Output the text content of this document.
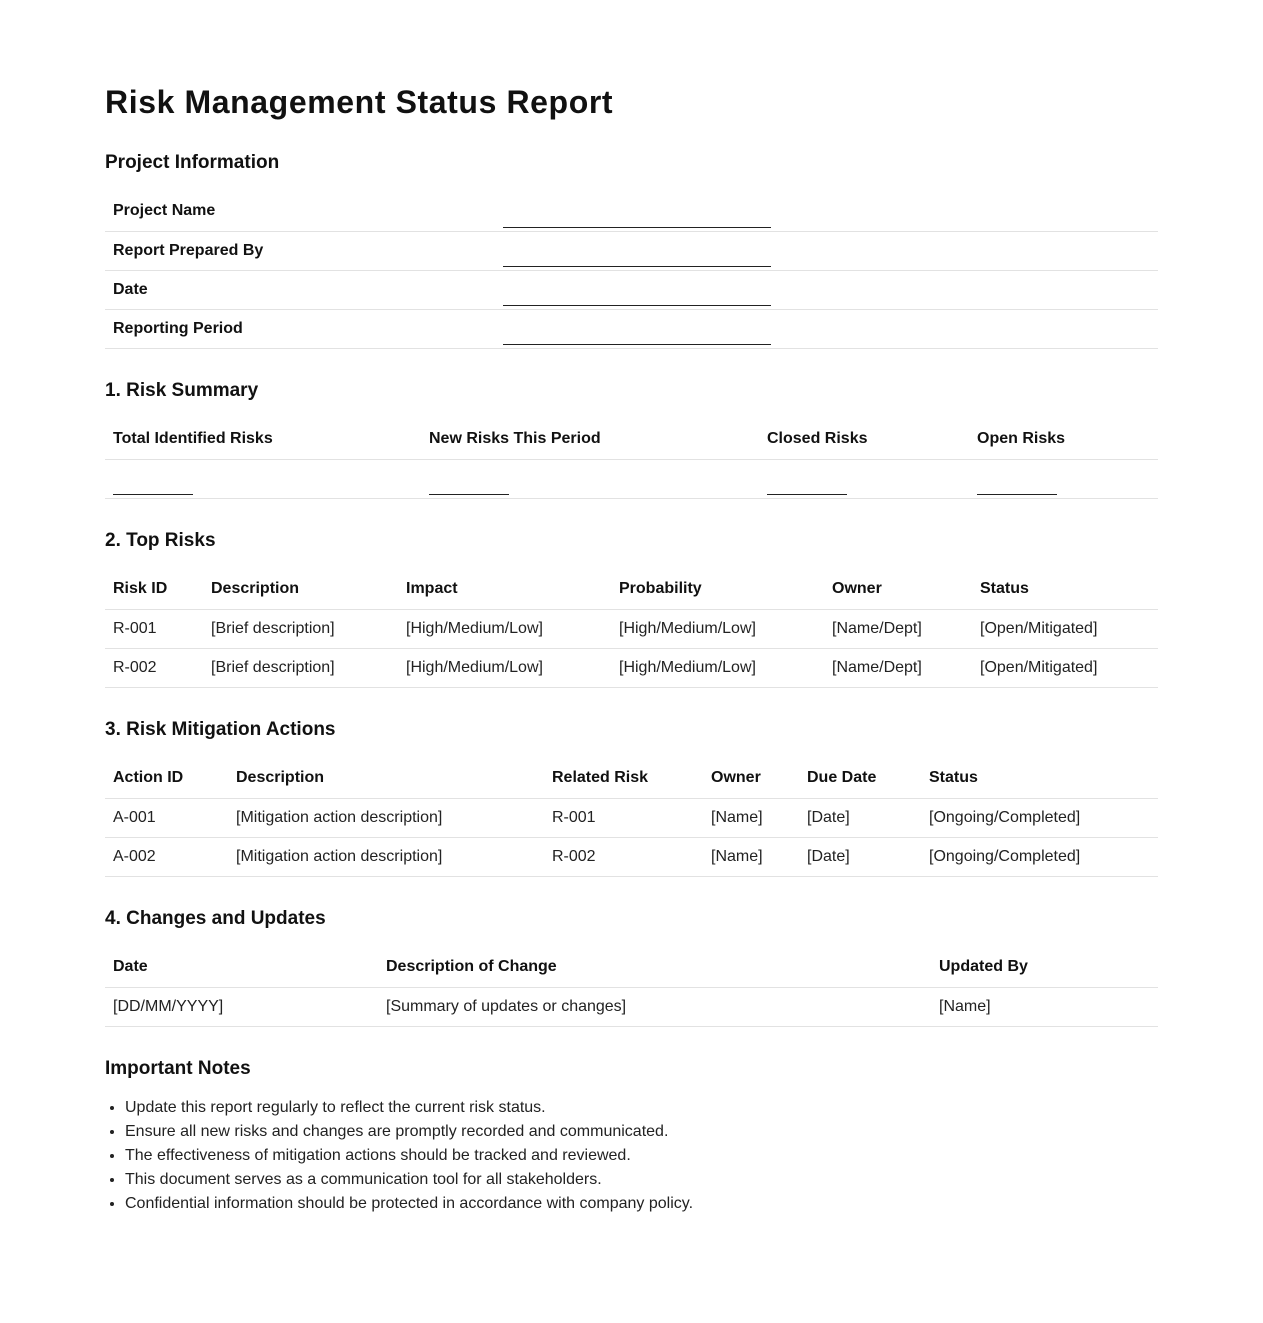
Risk Management Status Report
Project Information
Project Name	
Report Prepared By	
Date	
Reporting Period	
1. Risk Summary
Total Identified Risks	New Risks This Period	Closed Risks	Open Risks

2. Top Risks
Risk ID	Description	Impact	Probability	Owner	Status
R-001	[Brief description]	[High/Medium/Low]	[High/Medium/Low]	[Name/Dept]	[Open/Mitigated]
R-002	[Brief description]	[High/Medium/Low]	[High/Medium/Low]	[Name/Dept]	[Open/Mitigated]
3. Risk Mitigation Actions
Action ID	Description	Related Risk	Owner	Due Date	Status
A-001	[Mitigation action description]	R-001	[Name]	[Date]	[Ongoing/Completed]
A-002	[Mitigation action description]	R-002	[Name]	[Date]	[Ongoing/Completed]
4. Changes and Updates
Date	Description of Change	Updated By
[DD/MM/YYYY]	[Summary of updates or changes]	[Name]
Important Notes
• Update this report regularly to reflect the current risk status.
• Ensure all new risks and changes are promptly recorded and communicated.
• The effectiveness of mitigation actions should be tracked and reviewed.
• This document serves as a communication tool for all stakeholders.
• Confidential information should be protected in accordance with company policy.
